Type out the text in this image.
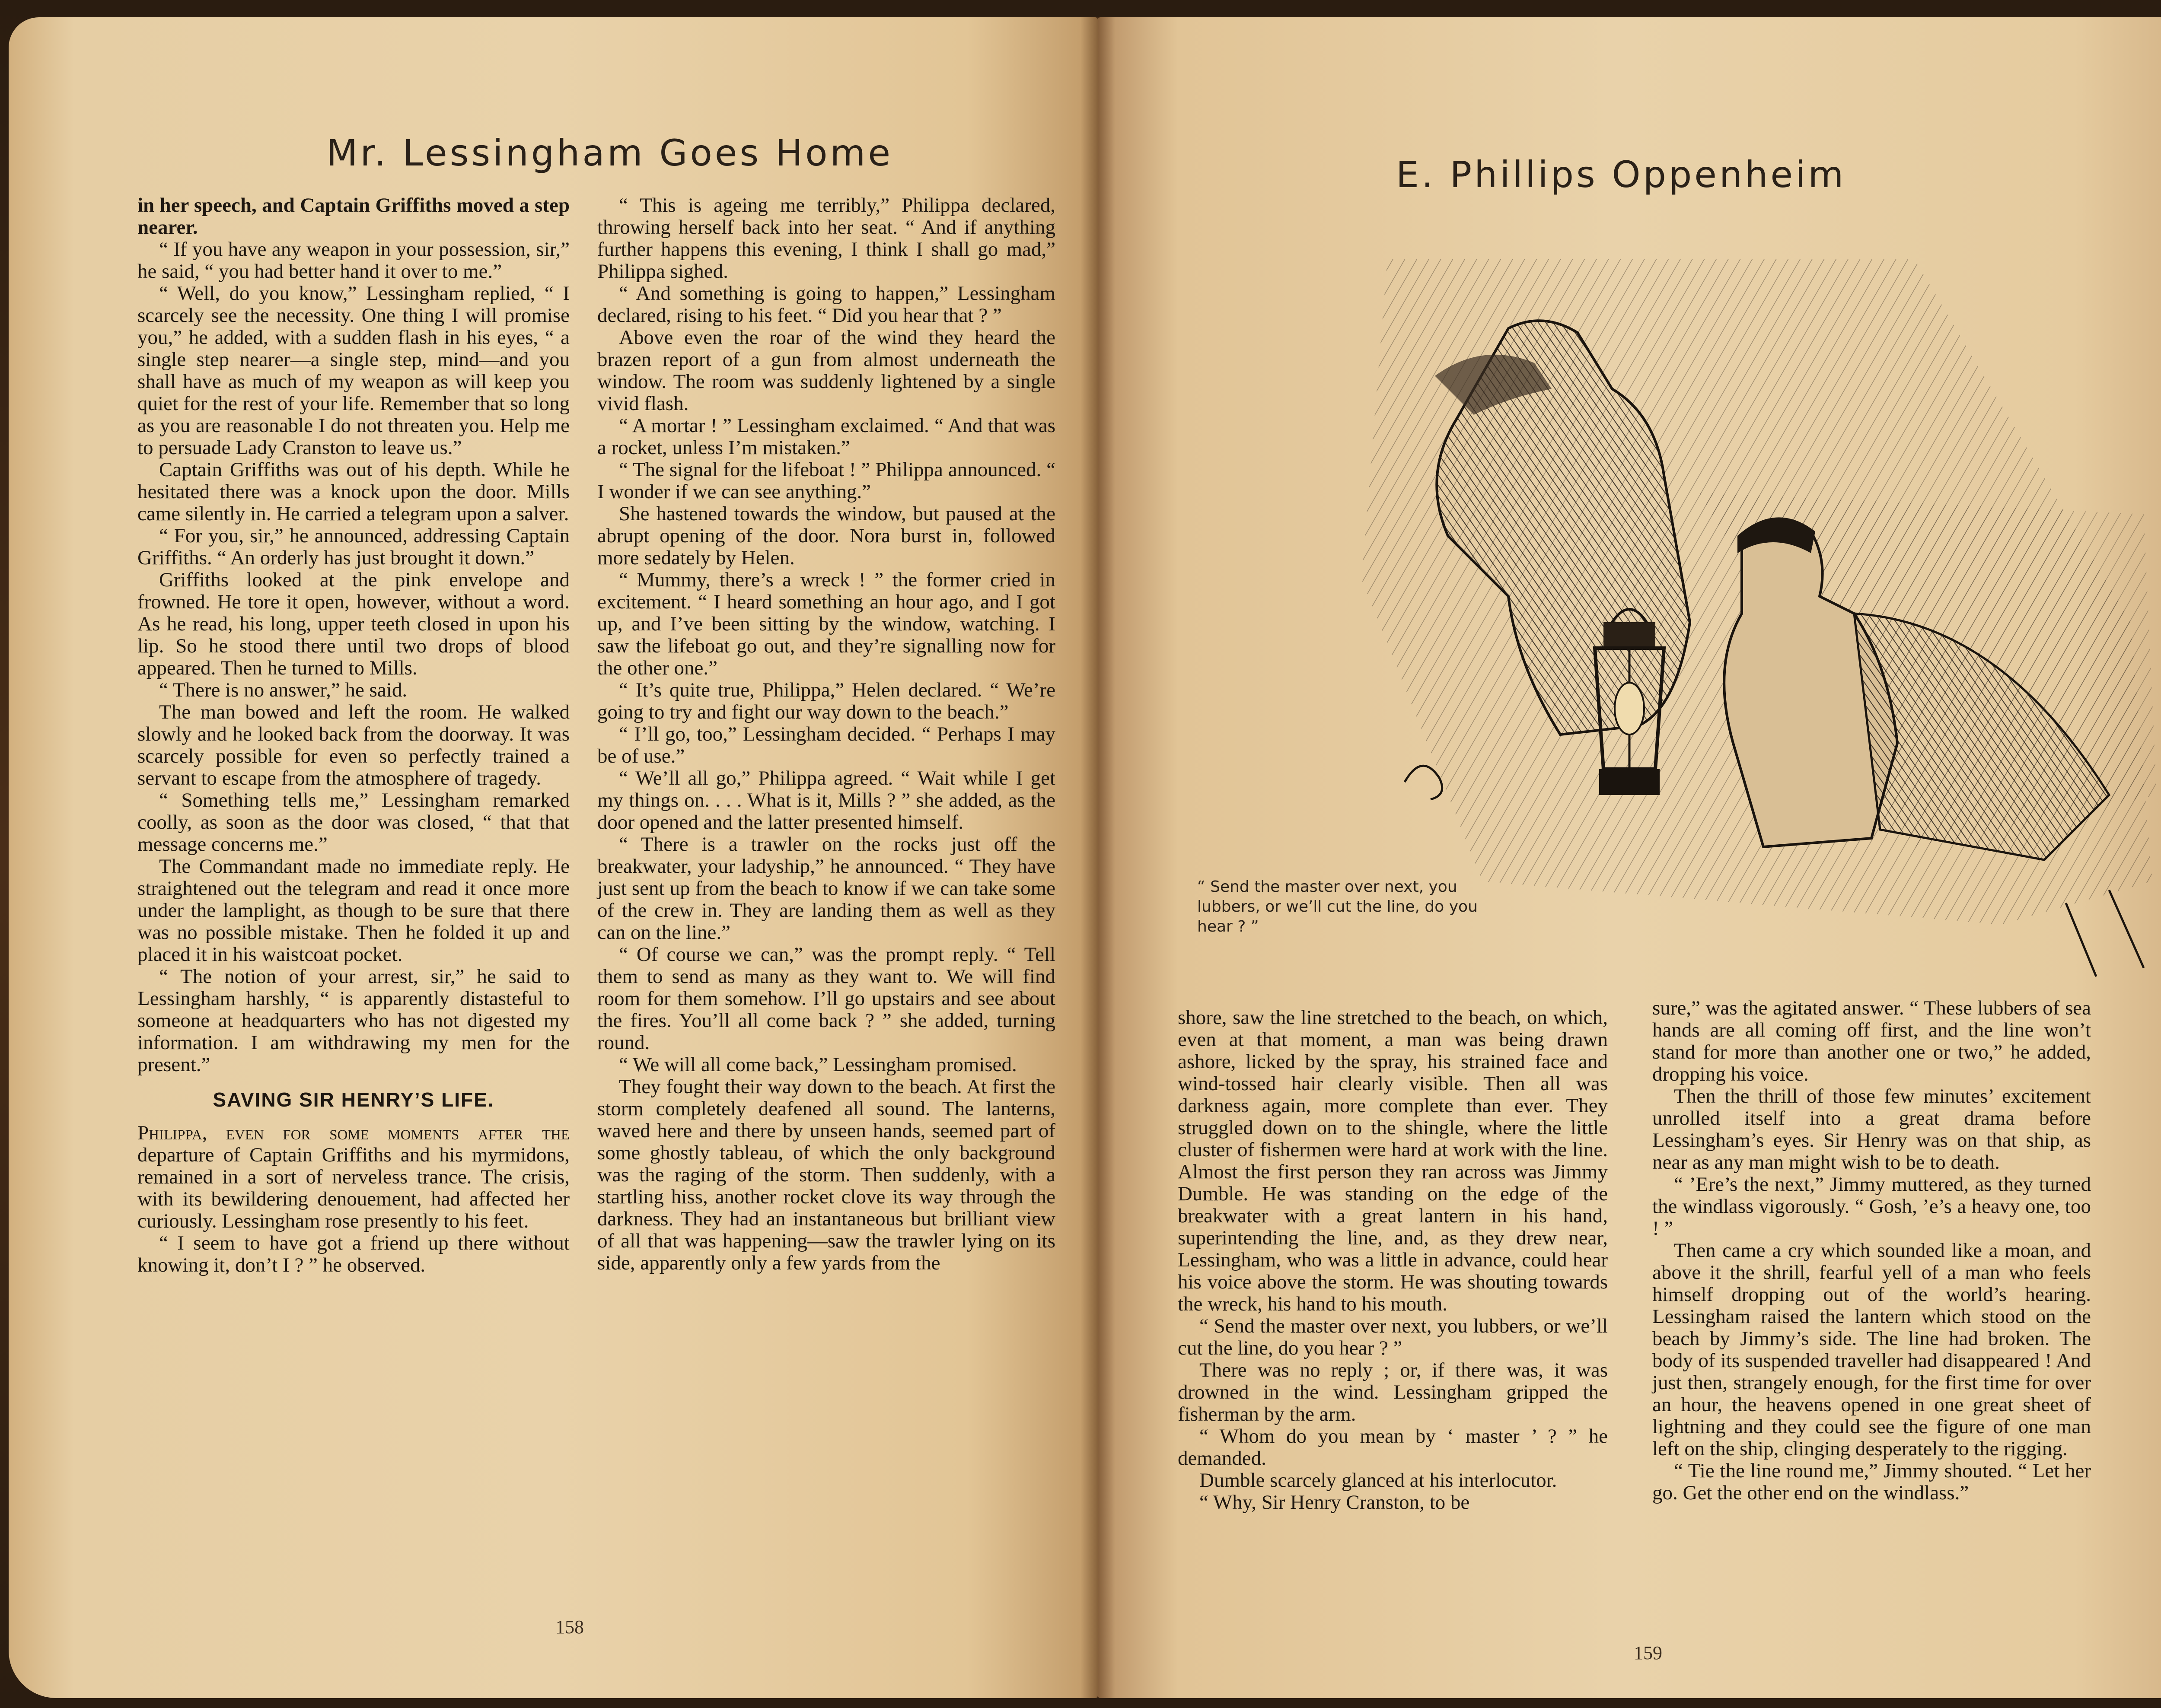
Mr. Lessingham Goes Home

in her speech, and Captain Griffiths moved a step nearer.

“ If you have any weapon in your possession, sir,” he said, “ you had better hand it over to me.”

“ Well, do you know,” Lessingham replied, “ I scarcely see the necessity. One thing I will promise you,” he added, with a sudden flash in his eyes, “ a single step nearer—a single step, mind—and you shall have as much of my weapon as will keep you quiet for the rest of your life. Remember that so long as you are reasonable I do not threaten you. Help me to persuade Lady Cranston to leave us.”

Captain Griffiths was out of his depth. While he hesitated there was a knock upon the door. Mills came silently in. He carried a telegram upon a salver.

“ For you, sir,” he announced, addressing Captain Griffiths. “ An orderly has just brought it down.”

Griffiths looked at the pink envelope and frowned. He tore it open, however, without a word. As he read, his long, upper teeth closed in upon his lip. So he stood there until two drops of blood appeared. Then he turned to Mills.

“ There is no answer,” he said.

The man bowed and left the room. He walked slowly and he looked back from the doorway. It was scarcely possible for even so perfectly trained a servant to escape from the atmosphere of tragedy.

“ Something tells me,” Lessingham remarked coolly, as soon as the door was closed, “ that that message concerns me.”

The Commandant made no immediate reply. He straightened out the telegram and read it once more under the lamplight, as though to be sure that there was no possible mistake. Then he folded it up and placed it in his waistcoat pocket.

“ The notion of your arrest, sir,” he said to Lessingham harshly, “ is apparently distasteful to someone at headquarters who has not digested my information. I am withdrawing my men for the present.”

SAVING SIR HENRY’S LIFE.

Philippa, even for some moments after the departure of Captain Griffiths and his myrmidons, remained in a sort of nerveless trance. The crisis, with its bewildering denouement, had affected her curiously. Lessingham rose presently to his feet.

“ I seem to have got a friend up there without knowing it, don’t I ? ” he observed.

“ This is ageing me terribly,” Philippa declared, throwing herself back into her seat. “ And if anything further happens this evening, I think I shall go mad,” Philippa sighed.

“ And something is going to happen,” Lessingham declared, rising to his feet. “ Did you hear that ? ”

Above even the roar of the wind they heard the brazen report of a gun from almost underneath the window. The room was suddenly lightened by a single vivid flash.

“ A mortar ! ” Lessingham exclaimed. “ And that was a rocket, unless I’m mistaken.”

“ The signal for the lifeboat ! ” Philippa announced. “ I wonder if we can see anything.”

She hastened towards the window, but paused at the abrupt opening of the door. Nora burst in, followed more sedately by Helen.

“ Mummy, there’s a wreck ! ” the former cried in excitement. “ I heard something an hour ago, and I got up, and I’ve been sitting by the window, watching. I saw the lifeboat go out, and they’re signalling now for the other one.”

“ It’s quite true, Philippa,” Helen declared. “ We’re going to try and fight our way down to the beach.”

“ I’ll go, too,” Lessingham decided. “ Perhaps I may be of use.”

“ We’ll all go,” Philippa agreed. “ Wait while I get my things on. . . . What is it, Mills ? ” she added, as the door opened and the latter presented himself.

“ There is a trawler on the rocks just off the breakwater, your ladyship,” he announced. “ They have just sent up from the beach to know if we can take some of the crew in. They are landing them as well as they can on the line.”

“ Of course we can,” was the prompt reply. “ Tell them to send as many as they want to. We will find room for them somehow. I’ll go upstairs and see about the fires. You’ll all come back ? ” she added, turning round.

“ We will all come back,” Lessingham promised.

They fought their way down to the beach. At first the storm completely deafened all sound. The lanterns, waved here and there by unseen hands, seemed part of some ghostly tableau, of which the only background was the raging of the storm. Then suddenly, with a startling hiss, another rocket clove its way through the darkness. They had an instantaneous but brilliant view of all that was happening—saw the trawler lying on its side, apparently only a few yards from the

158
E. Phillips Oppenheim
“ Send the master over next, you lubbers, or we’ll cut the line, do you hear ? ”

shore, saw the line stretched to the beach, on which, even at that moment, a man was being drawn ashore, licked by the spray, his strained face and wind-tossed hair clearly visible. Then all was darkness again, more complete than ever. They struggled down on to the shingle, where the little cluster of fishermen were hard at work with the line. Almost the first person they ran across was Jimmy Dumble. He was standing on the edge of the breakwater with a great lantern in his hand, superintending the line, and, as they drew near, Lessingham, who was a little in advance, could hear his voice above the storm. He was shouting towards the wreck, his hand to his mouth.

“ Send the master over next, you lubbers, or we’ll cut the line, do you hear ? ”

There was no reply ; or, if there was, it was drowned in the wind. Lessingham gripped the fisherman by the arm.

“ Whom do you mean by ‘ master ’ ? ” he demanded.

Dumble scarcely glanced at his interlocutor.

“ Why, Sir Henry Cranston, to be

sure,” was the agitated answer. “ These lubbers of sea hands are all coming off first, and the line won’t stand for more than another one or two,” he added, dropping his voice.

Then the thrill of those few minutes’ excitement unrolled itself into a great drama before Lessingham’s eyes. Sir Henry was on that ship, as near as any man might wish to be to death.

“ ’Ere’s the next,” Jimmy muttered, as they turned the windlass vigorously. “ Gosh, ’e’s a heavy one, too ! ”

Then came a cry which sounded like a moan, and above it the shrill, fearful yell of a man who feels himself dropping out of the world’s hearing. Lessingham raised the lantern which stood on the beach by Jimmy’s side. The line had broken. The body of its suspended traveller had disappeared ! And just then, strangely enough, for the first time for over an hour, the heavens opened in one great sheet of lightning and they could see the figure of one man left on the ship, clinging desperately to the rigging.

“ Tie the line round me,” Jimmy shouted. “ Let her go. Get the other end on the windlass.”

159
